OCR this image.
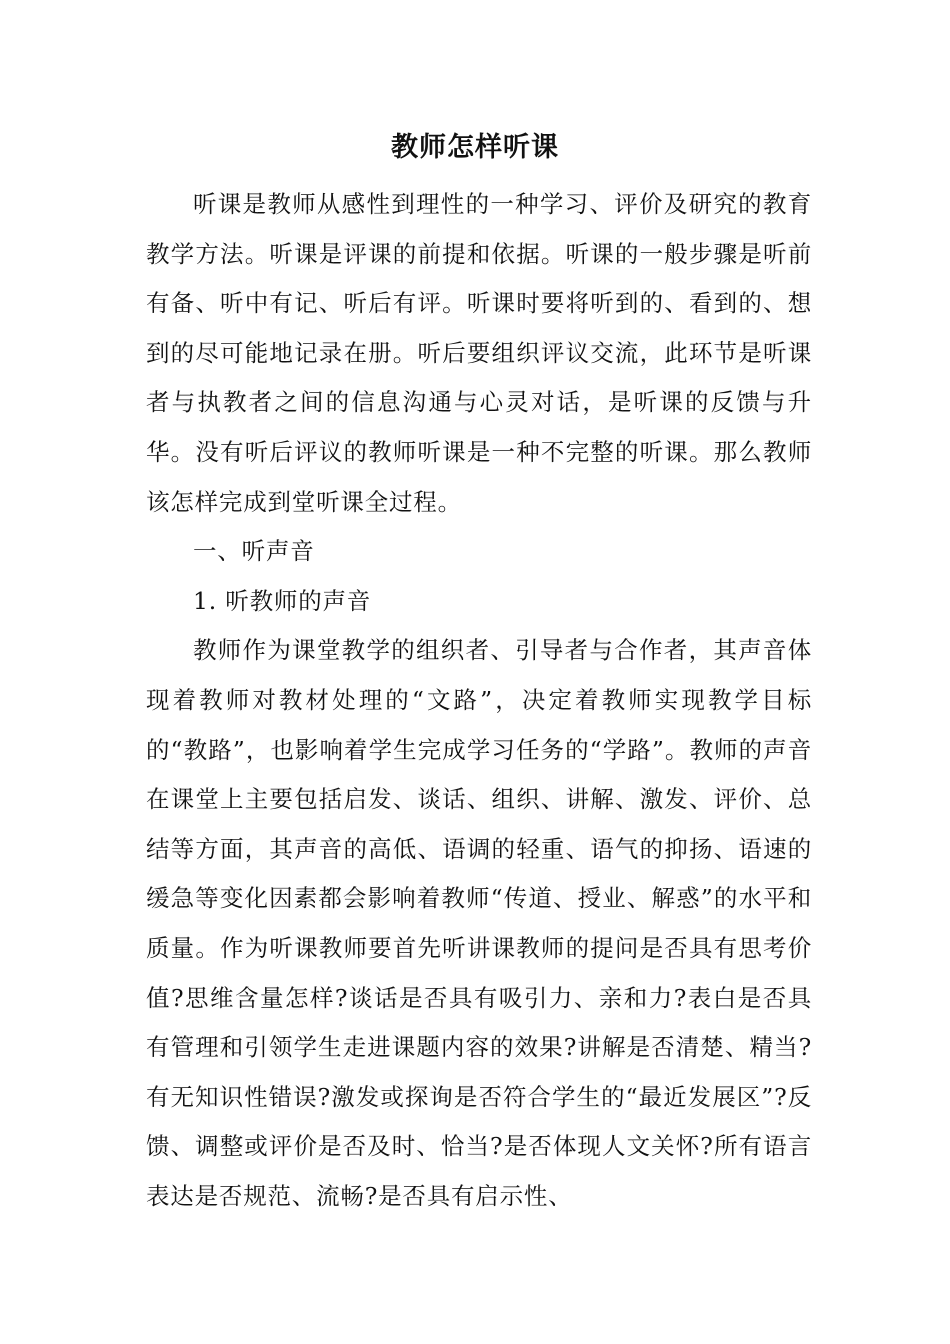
教师怎样听课

听课是教师从感性到理性的一种学习、评价及研究的教育教学方法。听课是评课的前提和依据。听课的一般步骤是听前有备、听中有记、听后有评。听课时要将听到的、看到的、想到的尽可能地记录在册。听后要组织评议交流，此环节是听课者与执教者之间的信息沟通与心灵对话，是听课的反馈与升华。没有听后评议的教师听课是一种不完整的听课。那么教师该怎样完成到堂听课全过程。

一、听声音

1. 听教师的声音

教师作为课堂教学的组织者、引导者与合作者，其声音体现着教师对教材处理的“文路”，决定着教师实现教学目标的“教路”，也影响着学生完成学习任务的“学路”。教师的声音在课堂上主要包括启发、谈话、组织、讲解、激发、评价、总结等方面，其声音的高低、语调的轻重、语气的抑扬、语速的缓急等变化因素都会影响着教师“传道、授业、解惑”的水平和质量。作为听课教师要首先听讲课教师的提问是否具有思考价值?思维含量怎样?谈话是否具有吸引力、亲和力?表白是否具有管理和引领学生走进课题内容的效果?讲解是否清楚、精当?有无知识性错误?激发或探询是否符合学生的“最近发展区”?反馈、调整或评价是否及时、恰当?是否体现人文关怀?所有语言表达是否规范、流畅?是否具有启示性、
